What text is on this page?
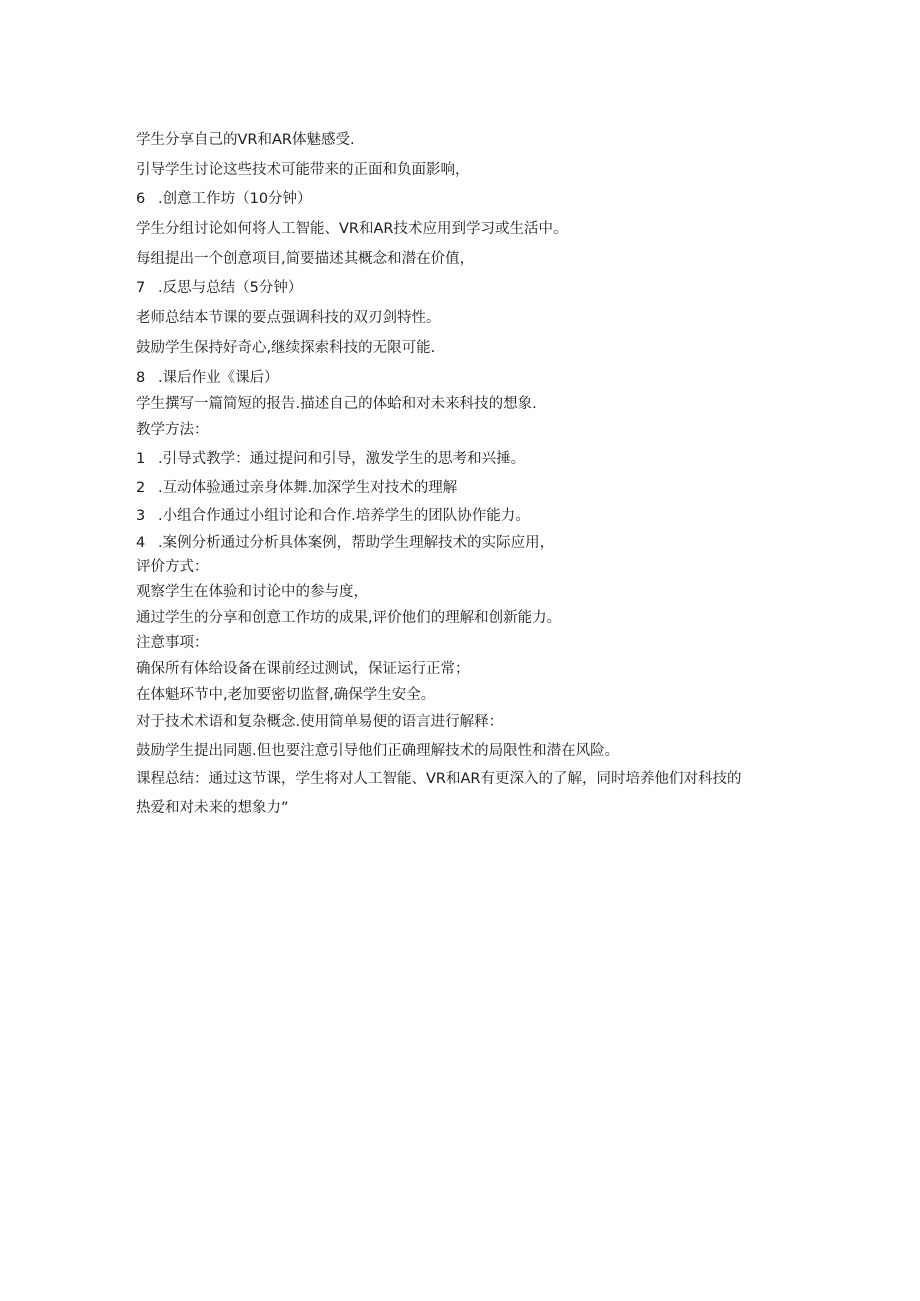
学生分享自己的VR和AR体魅感受.
引导学生讨论这些技术可能带来的正面和负面影响，
6 .创意工作坊（10分钟）
学生分组讨论如何将人工智能、VR和AR技术应用到学习或生活中。
每组提出一个创意项目,简要描述其概念和潜在价值，
7 .反思与总结（5分钟）
老师总结本节课的要点强调科技的双刃剑特性。
鼓励学生保持好奇心,继续探索科技的无限可能.
8 .课后作业《课后）
学生撰写一篇简短的报告.描述自己的体蛤和对未来科技的想象.
教学方法：
1 .引导式教学：通过提问和引导，激发学生的思考和兴捶。
2 .互动体验通过亲身体舞.加深学生对技术的理解
3 .小组合作通过小组讨论和合作.培养学生的团队协作能力。
4 .案例分析通过分析具体案例，帮助学生理解技术的实际应用，
评价方式：
观察学生在体验和讨论中的参与度，
通过学生的分享和创意工作坊的成果,评价他们的理解和创新能力。
注意事项：
确保所有体给设备在课前经过测试，保证运行正常；
在体魁环节中,老加要密切监督,确保学生安全。
对于技术术语和复杂概念.使用简单易便的语言进行解释：
鼓励学生提出同题.但也要注意引导他们正确理解技术的局限性和潜在风险。
课程总结：通过这节课，学生将对人工智能、VR和AR有更深入的了解，同时培养他们对科技的
热爱和对未来的想象力”
